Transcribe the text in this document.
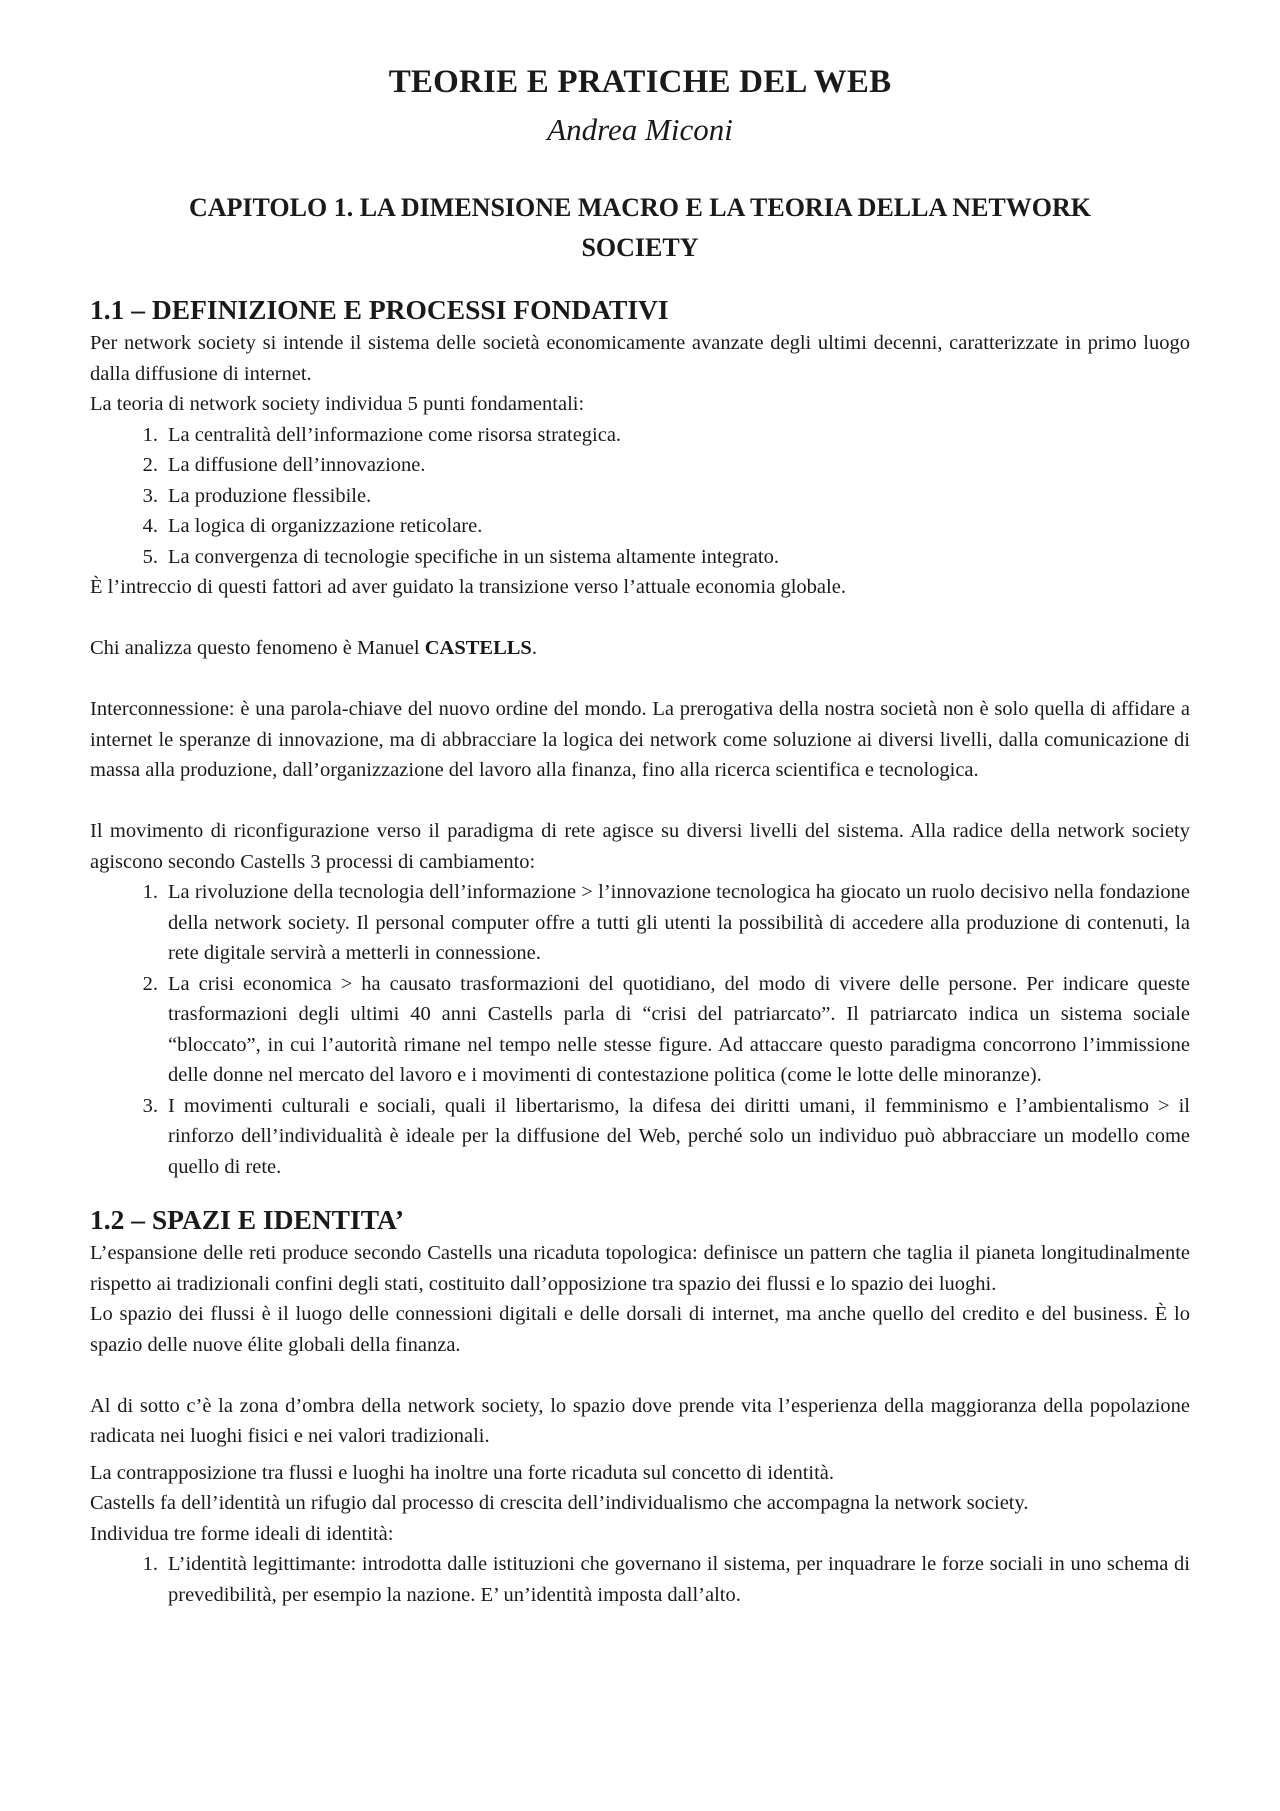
TEORIE E PRATICHE DEL WEB
Andrea Miconi
CAPITOLO 1. LA DIMENSIONE MACRO E LA TEORIA DELLA NETWORK SOCIETY
1.1 – DEFINIZIONE E PROCESSI FONDATIVI

Per network society si intende il sistema delle società economicamente avanzate degli ultimi decenni, caratterizzate in primo luogo dalla diffusione di internet.

La teoria di network society individua 5 punti fondamentali:

1. La centralità dell’informazione come risorsa strategica.
2. La diffusione dell’innovazione.
3. La produzione flessibile.
4. La logica di organizzazione reticolare.
5. La convergenza di tecnologie specifiche in un sistema altamente integrato.

È l’intreccio di questi fattori ad aver guidato la transizione verso l’attuale economia globale.

Chi analizza questo fenomeno è Manuel CASTELLS.

Interconnessione: è una parola-chiave del nuovo ordine del mondo. La prerogativa della nostra società non è solo quella di affidare a internet le speranze di innovazione, ma di abbracciare la logica dei network come soluzione ai diversi livelli, dalla comunicazione di massa alla produzione, dall’organizzazione del lavoro alla finanza, fino alla ricerca scientifica e tecnologica.

Il movimento di riconfigurazione verso il paradigma di rete agisce su diversi livelli del sistema. Alla radice della network society agiscono secondo Castells 3 processi di cambiamento:

1. La rivoluzione della tecnologia dell’informazione > l’innovazione tecnologica ha giocato un ruolo decisivo nella fondazione della network society. Il personal computer offre a tutti gli utenti la possibilità di accedere alla produzione di contenuti, la rete digitale servirà a metterli in connessione.
2. La crisi economica > ha causato trasformazioni del quotidiano, del modo di vivere delle persone. Per indicare queste trasformazioni degli ultimi 40 anni Castells parla di “crisi del patriarcato”. Il patriarcato indica un sistema sociale “bloccato”, in cui l’autorità rimane nel tempo nelle stesse figure. Ad attaccare questo paradigma concorrono l’immissione delle donne nel mercato del lavoro e i movimenti di contestazione politica (come le lotte delle minoranze).
3. I movimenti culturali e sociali, quali il libertarismo, la difesa dei diritti umani, il femminismo e l’ambientalismo > il rinforzo dell’individualità è ideale per la diffusione del Web, perché solo un individuo può abbracciare un modello come quello di rete.
1.2 – SPAZI E IDENTITA’

L’espansione delle reti produce secondo Castells una ricaduta topologica: definisce un pattern che taglia il pianeta longitudinalmente rispetto ai tradizionali confini degli stati, costituito dall’opposizione tra spazio dei flussi e lo spazio dei luoghi.

Lo spazio dei flussi è il luogo delle connessioni digitali e delle dorsali di internet, ma anche quello del credito e del business. È lo spazio delle nuove élite globali della finanza.

Al di sotto c’è la zona d’ombra della network society, lo spazio dove prende vita l’esperienza della maggioranza della popolazione radicata nei luoghi fisici e nei valori tradizionali.

La contrapposizione tra flussi e luoghi ha inoltre una forte ricaduta sul concetto di identità.

Castells fa dell’identità un rifugio dal processo di crescita dell’individualismo che accompagna la network society.

Individua tre forme ideali di identità:

1. L’identità legittimante: introdotta dalle istituzioni che governano il sistema, per inquadrare le forze sociali in uno schema di prevedibilità, per esempio la nazione. E’ un’identità imposta dall’alto.
